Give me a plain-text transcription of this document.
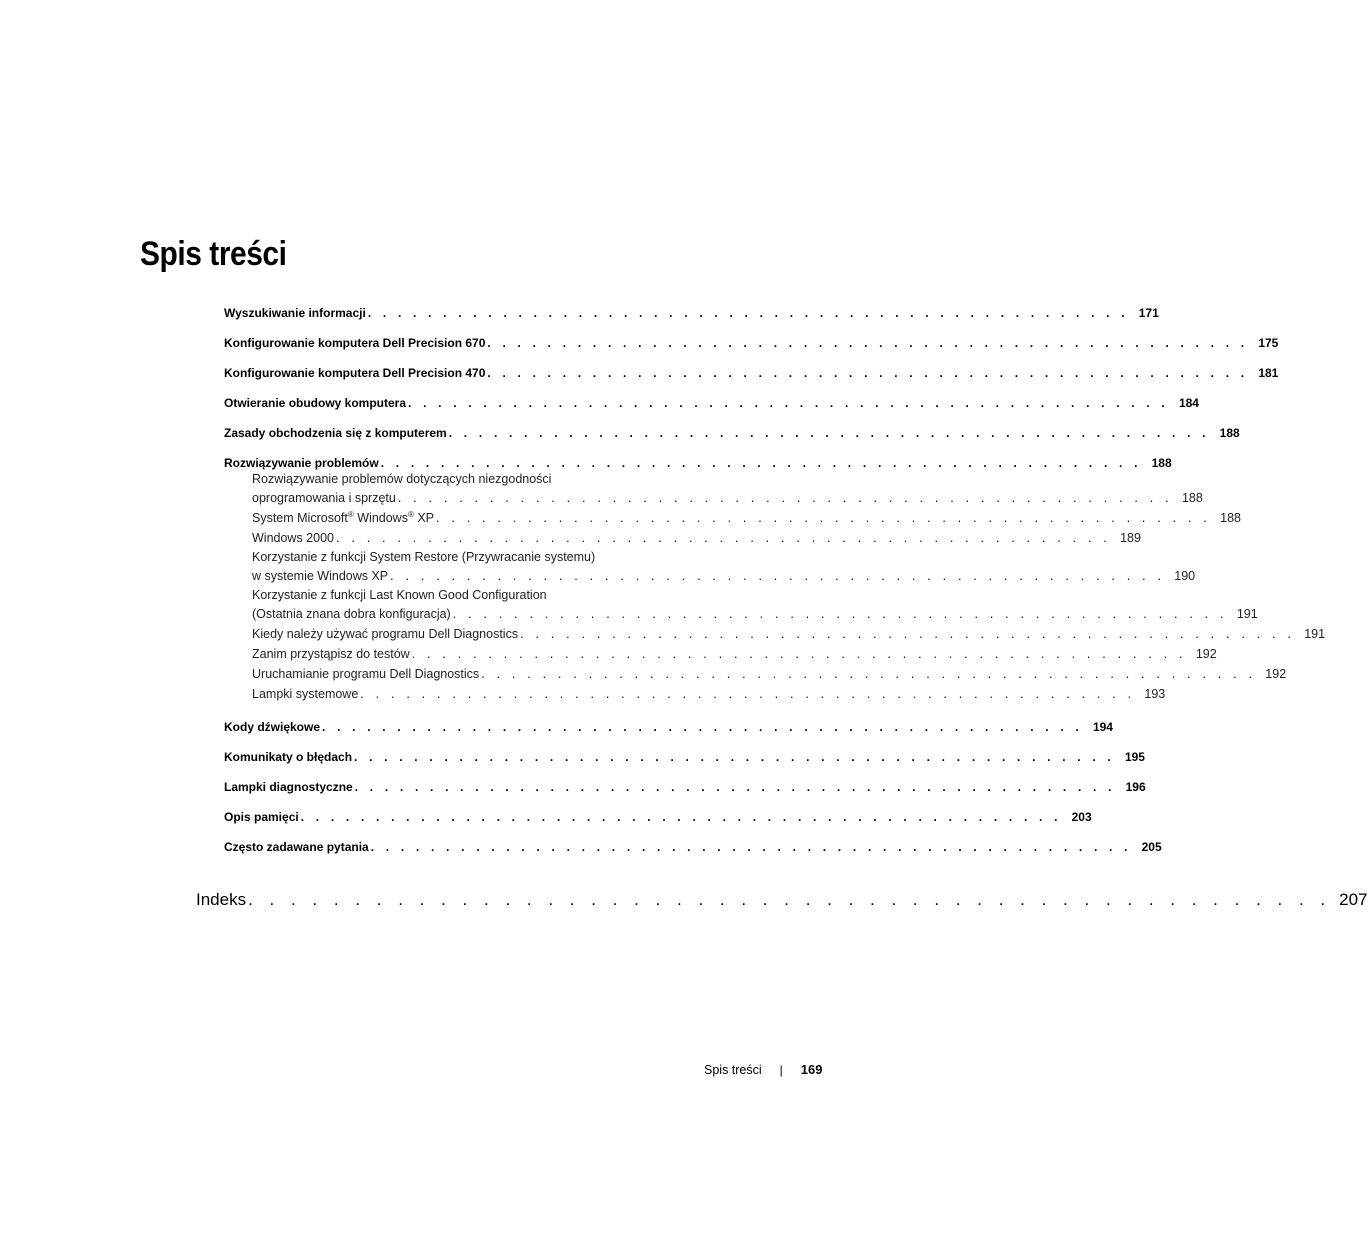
Spis treści
Wyszukiwanie informacji . . . . . . . . . . . . . . . . . . . . . . . . . . . . . . . . . . . . . . . . . . . . . . . . . . . 171
Konfigurowanie komputera Dell Precision 670 . . . . . . . . . . . . . . . . . . . . . . . . . . . . . . . . . . . . . . . . . . . . . . . . . . . 175
Konfigurowanie komputera Dell Precision 470 . . . . . . . . . . . . . . . . . . . . . . . . . . . . . . . . . . . . . . . . . . . . . . . . . . . 181
Otwieranie obudowy komputera . . . . . . . . . . . . . . . . . . . . . . . . . . . . . . . . . . . . . . . . . . . . . . . . . . . 184
Zasady obchodzenia się z komputerem . . . . . . . . . . . . . . . . . . . . . . . . . . . . . . . . . . . . . . . . . . . . . . . . . . . 188
Rozwiązywanie problemów . . . . . . . . . . . . . . . . . . . . . . . . . . . . . . . . . . . . . . . . . . . . . . . . . . . 188
Rozwiązywanie problemów dotyczących niezgodności
oprogramowania i sprzętu . . . . . . . . . . . . . . . . . . . . . . . . . . . . . . . . . . . . . . . . . . . . . . . . . . . 188
System Microsoft® Windows® XP . . . . . . . . . . . . . . . . . . . . . . . . . . . . . . . . . . . . . . . . . . . . . . . . . . . 188
Windows 2000 . . . . . . . . . . . . . . . . . . . . . . . . . . . . . . . . . . . . . . . . . . . . . . . . . . . 189
Korzystanie z funkcji System Restore (Przywracanie systemu)
w systemie Windows XP . . . . . . . . . . . . . . . . . . . . . . . . . . . . . . . . . . . . . . . . . . . . . . . . . . . 190
Korzystanie z funkcji Last Known Good Configuration
(Ostatnia znana dobra konfiguracja) . . . . . . . . . . . . . . . . . . . . . . . . . . . . . . . . . . . . . . . . . . . . . . . . . . . 191
Kiedy należy używać programu Dell Diagnostics . . . . . . . . . . . . . . . . . . . . . . . . . . . . . . . . . . . . . . . . . . . . . . . . . . . 191
Zanim przystąpisz do testów . . . . . . . . . . . . . . . . . . . . . . . . . . . . . . . . . . . . . . . . . . . . . . . . . . . 192
Uruchamianie programu Dell Diagnostics . . . . . . . . . . . . . . . . . . . . . . . . . . . . . . . . . . . . . . . . . . . . . . . . . . . 192
Lampki systemowe . . . . . . . . . . . . . . . . . . . . . . . . . . . . . . . . . . . . . . . . . . . . . . . . . . . 193
Kody dźwiękowe . . . . . . . . . . . . . . . . . . . . . . . . . . . . . . . . . . . . . . . . . . . . . . . . . . . 194
Komunikaty o błędach . . . . . . . . . . . . . . . . . . . . . . . . . . . . . . . . . . . . . . . . . . . . . . . . . . . 195
Lampki diagnostyczne . . . . . . . . . . . . . . . . . . . . . . . . . . . . . . . . . . . . . . . . . . . . . . . . . . . 196
Opis pamięci . . . . . . . . . . . . . . . . . . . . . . . . . . . . . . . . . . . . . . . . . . . . . . . . . . . 203
Często zadawane pytania . . . . . . . . . . . . . . . . . . . . . . . . . . . . . . . . . . . . . . . . . . . . . . . . . . . 205
Indeks . . . . . . . . . . . . . . . . . . . . . . . . . . . . . . . . . . . . . . . . . . . . . . . . . . . 207
Spis treści | 169
